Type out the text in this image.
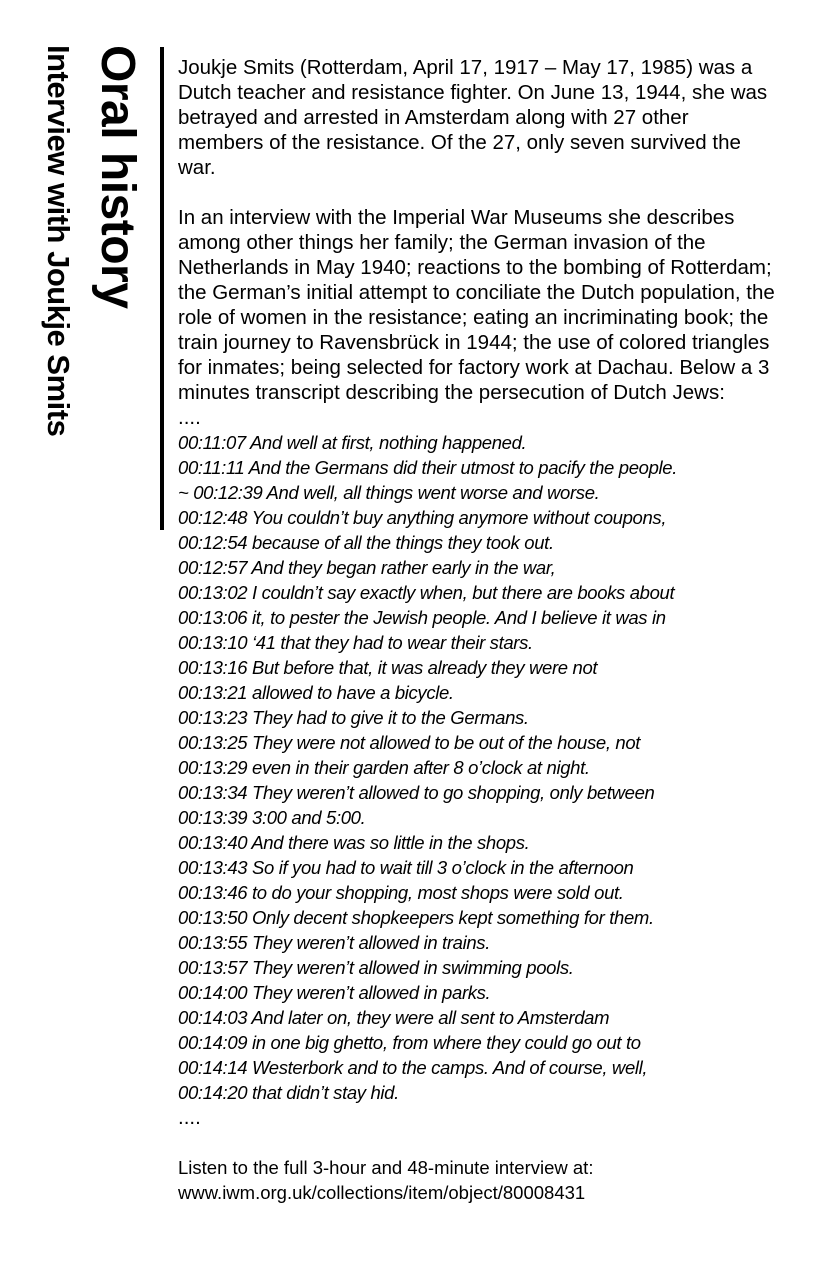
Oral history
Interview with Joukje Smits	Joukje Smits (Rotterdam, April 17, 1917 – May 17, 1985) was a Dutch teacher and resistance fighter. On June 13, 1944, she was betrayed and arrested in Amsterdam along with 27 other members of the resistance. Of the 27, only seven survived the war.

In an interview with the Imperial War Museums she describes among other things her family; the German invasion of the Netherlands in May 1940; reactions to the bombing of Rotterdam; the German’s initial attempt to conciliate the Dutch population, the role of women in the resistance; eating an incriminating book; the train journey to Ravensbrück in 1944; the use of colored triangles for inmates; being selected for factory work at Dachau. Below a 3 minutes transcript describing the persecution of Dutch Jews:

....

00:11:07 And well at first, nothing happened.

00:11:11 And the Germans did their utmost to pacify the people.

~ 00:12:39 And well, all things went worse and worse.

00:12:48 You couldn’t buy anything anymore without coupons,

00:12:54 because of all the things they took out.

00:12:57 And they began rather early in the war,

00:13:02 I couldn’t say exactly when, but there are books about

00:13:06 it, to pester the Jewish people. And I believe it was in

00:13:10 ‘41 that they had to wear their stars.

00:13:16 But before that, it was already they were not

00:13:21 allowed to have a bicycle.

00:13:23 They had to give it to the Germans.

00:13:25 They were not allowed to be out of the house, not

00:13:29 even in their garden after 8 o’clock at night.

00:13:34 They weren’t allowed to go shopping, only between

00:13:39 3:00 and 5:00.

00:13:40 And there was so little in the shops.

00:13:43 So if you had to wait till 3 o’clock in the afternoon

00:13:46 to do your shopping, most shops were sold out.

00:13:50 Only decent shopkeepers kept something for them.

00:13:55 They weren’t allowed in trains.

00:13:57 They weren’t allowed in swimming pools.

00:14:00 They weren’t allowed in parks.

00:14:03 And later on, they were all sent to Amsterdam

00:14:09 in one big ghetto, from where they could go out to

00:14:14 Westerbork and to the camps. And of course, well,

00:14:20 that didn’t stay hid.

....

Listen to the full 3-hour and 48-minute interview at:

www.iwm.org.uk/collections/item/object/80008431
